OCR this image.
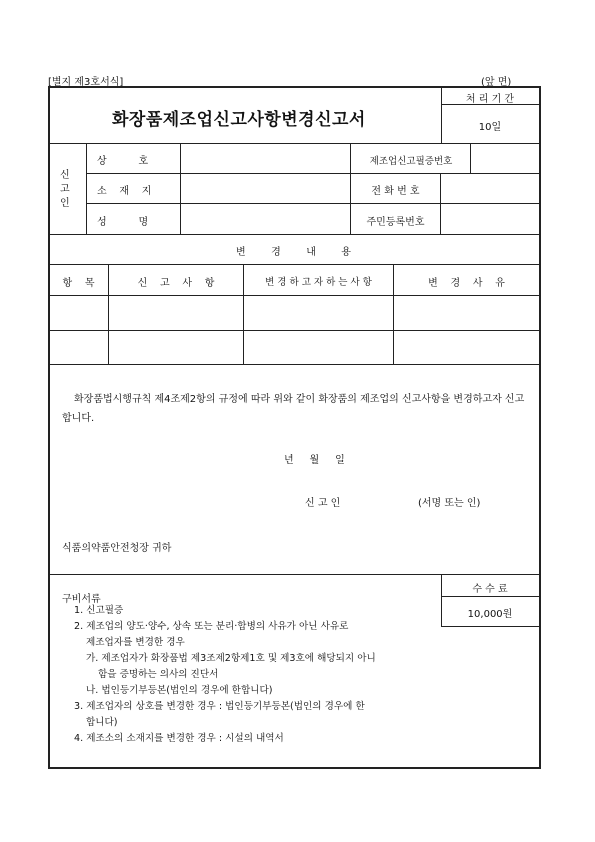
[별지 제3호서식]	(앞 면)
화장품제조업신고사항변경신고서
처 리 기 간
10일
신
고
인
상          호	제조업신고필증번호
소    재    지	전 화 번 호
성          명	주민등록번호
변        경        내        용
항    목	신    고    사    항	변 경 하 고 자 하 는 사 항	변    경    사    유
화장품법시행규칙 제4조제2항의 규정에 따라 위와 같이 화장품의 제조업의 신고사항을 변경하고자 신고합니다.
년     월     일
신 고 인	(서명 또는 인)
식품의약품안전청장 귀하
수 수 료
10,000원
구비서류
1. 신고필증
2. 제조업의 양도·양수, 상속 또는 분리·합병의 사유가 아닌 사유로
제조업자를 변경한 경우
가. 제조업자가 화장품법 제3조제2항제1호 및 제3호에 해당되지 아니
함을 증명하는 의사의 진단서
나. 법인등기부등본(법인의 경우에 한합니다)
3. 제조업자의 상호를 변경한 경우 : 법인등기부등본(법인의 경우에 한
합니다)
4. 제조소의 소재지를 변경한 경우 : 시설의 내역서
